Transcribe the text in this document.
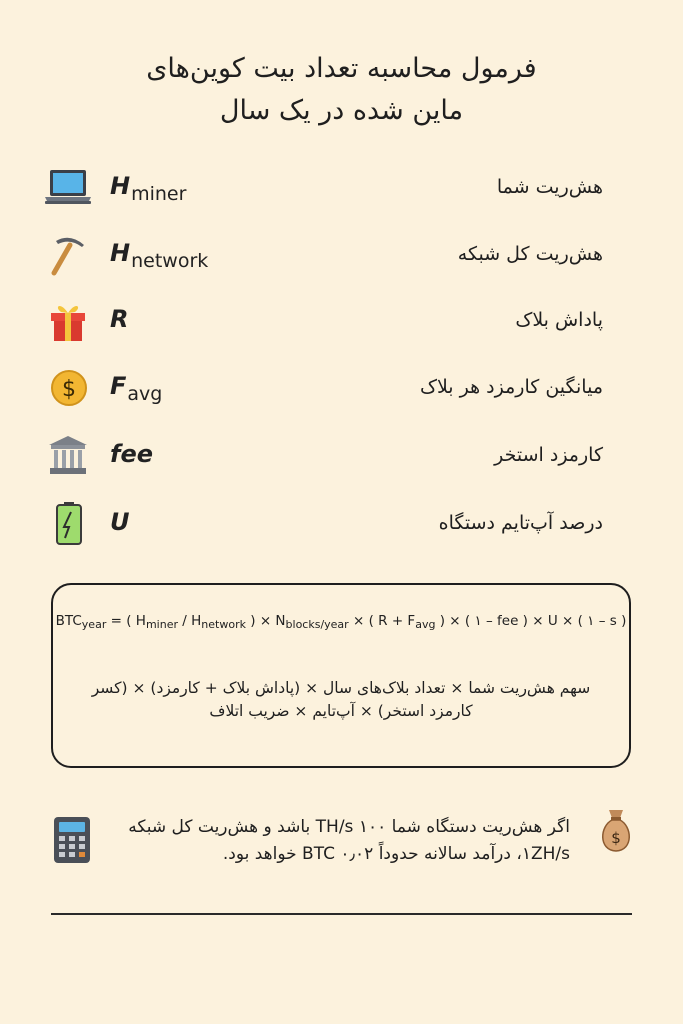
فرمول محاسبه تعداد بیت کوین‌های
ماین شده در یک سال
$H_{miner}$	هش‌ریت شما
$H_{network}$	هش‌ریت کل شبکه
R	پاداش بلاک
$ $F_{avg}$	میانگین کارمزد هر بلاک
fee	کارمزد استخر
U	درصد آپ‌تایم دستگاه
$BTC_{year}$ = ( $H_{miner} / H_{network}$ ) × $N_{blocks/year}$ × ( $R + F_{avg}$ ) × ( ۱ – fee ) × U × ( ۱ – s )
سهم هش‌ریت شما × تعداد بلاک‌های سال × (پاداش بلاک + کارمزد) × (کسر کارمزد استخر) × آپ‌تایم × ضریب اتلاف
اگر هش‌ریت دستگاه شما ۱۰۰ TH/s باشد و هش‌ریت کل شبکه ۱ZH/s، درآمد سالانه حدوداً ۰٫۰۲ BTC خواهد بود.
$
